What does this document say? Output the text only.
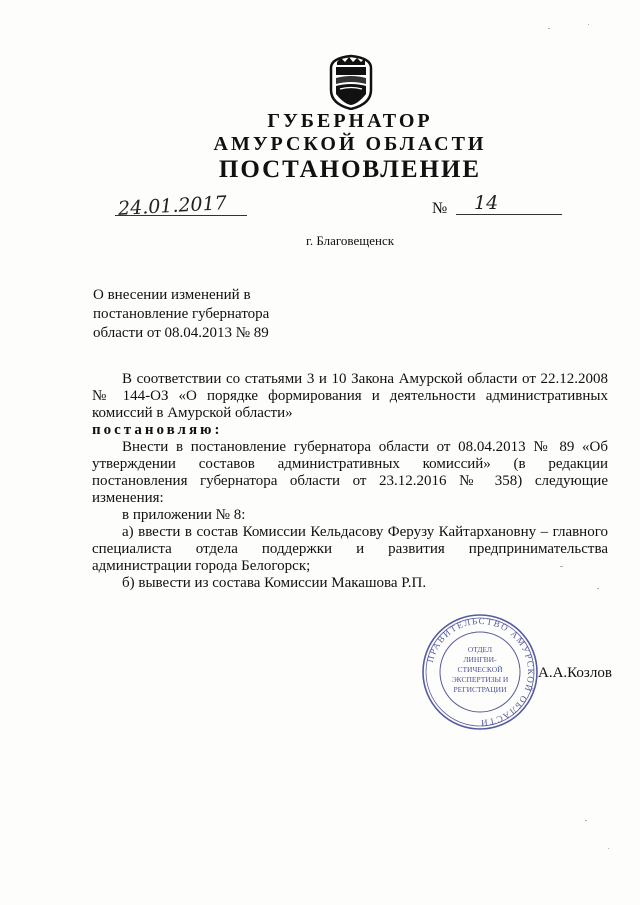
ГУБЕРНАТОР
АМУРСКОЙ ОБЛАСТИ
ПОСТАНОВЛЕНИЕ
24.01.2017	№ 14
г. Благовещенск
О внесении изменений в постановление губернатора области от 08.04.2013 № 89

В соответствии со статьями 3 и 10 Закона Амурской области от 22.12.2008 № 144-ОЗ «О порядке формирования и деятельности административных комиссий в Амурской области»

постановляю:

Внести в постановление губернатора области от 08.04.2013 № 89 «Об утверждении составов административных комиссий» (в редакции постановления губернатора области от 23.12.2016 № 358) следующие изменения:

в приложении № 8:

а) ввести в состав Комиссии Кельдасову Ферузу Кайтархановну – главного специалиста отдела поддержки и развития предпринимательства администрации города Белогорск;

б) вывести из состава Комиссии Макашова Р.П.

ПРАВИТЕЛЬСТВО АМУРСКОЙ ОБЛАСТИ
ОТДЕЛ
ЛИНГВИ-
СТИЧЕСКОЙ
ЭКСПЕРТИЗЫ И
РЕГИСТРАЦИИ
А.А.Козлов
